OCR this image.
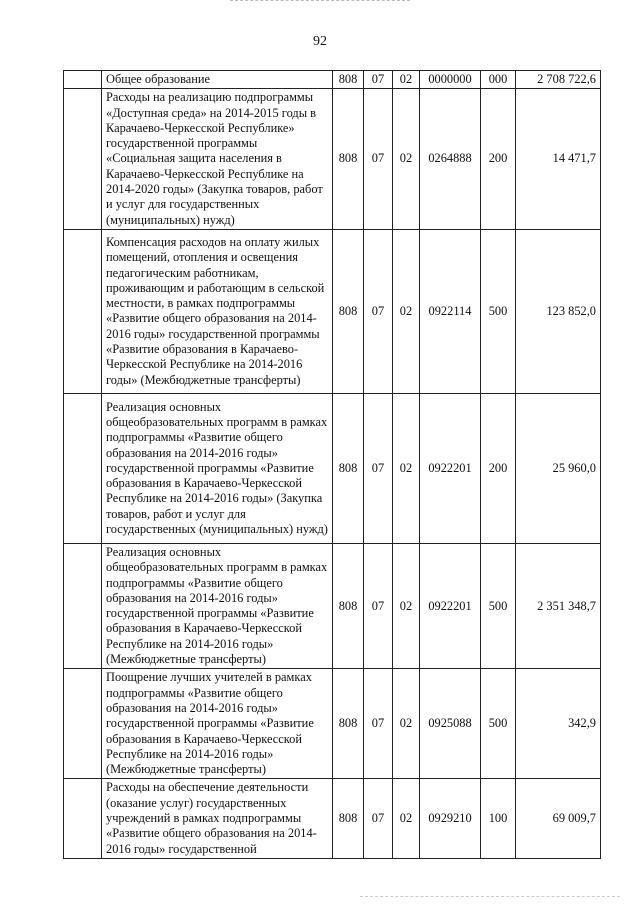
92
	Общее образование	808	07	02	0000000	000	2 708 722,6
	Расходы на реализацию подпрограммы «Доступная среда» на 2014-2015 годы в Карачаево-Черкесской Республике» государственной программы «Социальная защита населения в Карачаево-Черкесской Республике на 2014-2020 годы» (Закупка товаров, работ и услуг для государственных (муниципальных) нужд)	808	07	02	0264888	200	14 471,7
	Компенсация расходов на оплату жилых помещений, отопления и освещения педагогическим работникам, проживающим и работающим в сельской местности, в рамках подпрограммы «Развитие общего образования на 2014-2016 годы» государственной программы «Развитие образования в Карачаево-Черкесской Республике на 2014-2016 годы» (Межбюджетные трансферты)	808	07	02	0922114	500	123 852,0
	Реализация основных общеобразовательных программ в рамках подпрограммы «Развитие общего образования на 2014-2016 годы» государственной программы «Развитие образования в Карачаево-Черкесской Республике на 2014-2016 годы» (Закупка товаров, работ и услуг для государственных (муниципальных) нужд)	808	07	02	0922201	200	25 960,0
	Реализация основных общеобразовательных программ в рамках подпрограммы «Развитие общего образования на 2014-2016 годы» государственной программы «Развитие образования в Карачаево-Черкесской Республике на 2014-2016 годы» (Межбюджетные трансферты)	808	07	02	0922201	500	2 351 348,7
	Поощрение лучших учителей в рамках подпрограммы «Развитие общего образования на 2014-2016 годы» государственной программы «Развитие образования в Карачаево-Черкесской Республике на 2014-2016 годы» (Межбюджетные трансферты)	808	07	02	0925088	500	342,9
	Расходы на обеспечение деятельности (оказание услуг) государственных учреждений в рамках подпрограммы «Развитие общего образования на 2014-2016 годы» государственной	808	07	02	0929210	100	69 009,7
